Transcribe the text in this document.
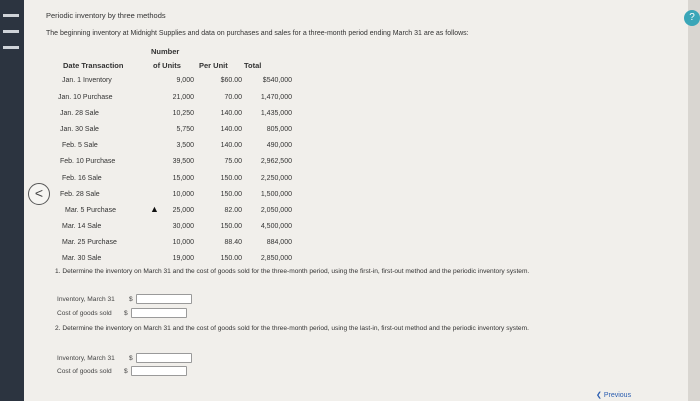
?
Periodic inventory by three methods
The beginning inventory at Midnight Supplies and data on purchases and sales for a three-month period ending March 31 are as follows:
Number
Date Transaction	of Units Per Unit Total
Jan. 1 Inventory	9,000	$60.00	$540,000
Jan. 10 Purchase	21,000	70.00	1,470,000
Jan. 28 Sale	10,250	140.00	1,435,000
Jan. 30 Sale	5,750	140.00	805,000
Feb. 5 Sale	3,500	140.00	490,000
Feb. 10 Purchase	39,500	75.00	2,962,500
Feb. 16 Sale	15,000	150.00	2,250,000
Feb. 28 Sale	10,000	150.00	1,500,000
Mar. 5 Purchase	25,000	82.00	2,050,000
Mar. 14 Sale	30,000	150.00	4,500,000
Mar. 25 Purchase	10,000	88.40	884,000
Mar. 30 Sale	19,000	150.00	2,850,000
<
▲
1. Determine the inventory on March 31 and the cost of goods sold for the three-month period, using the first-in, first-out method and the periodic inventory system.
Inventory, March 31 $
Cost of goods sold $
2. Determine the inventory on March 31 and the cost of goods sold for the three-month period, using the last-in, first-out method and the periodic inventory system.
Inventory, March 31 $
Cost of goods sold $
❮ Previous
